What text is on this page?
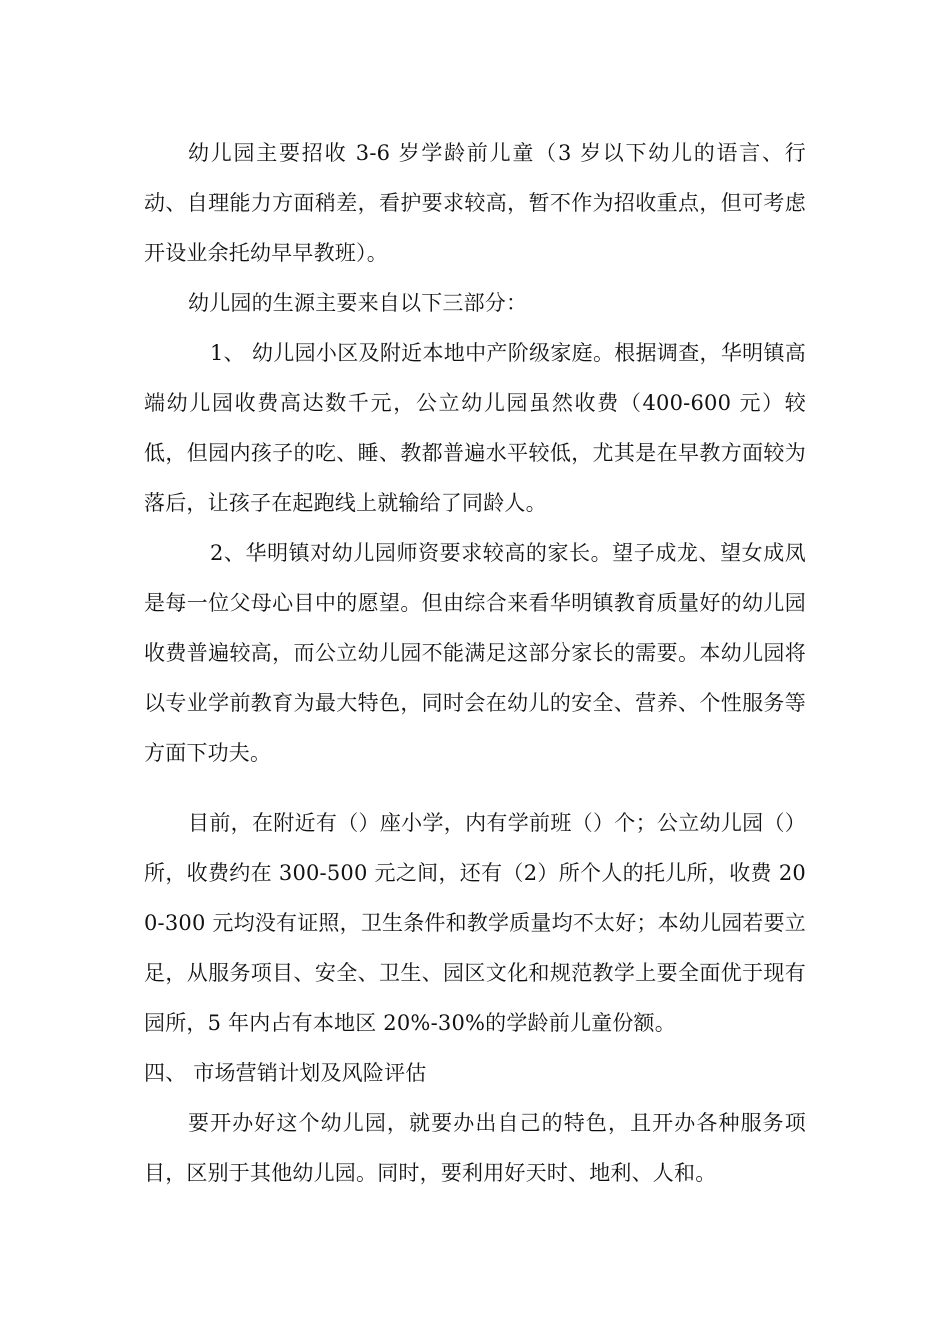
幼儿园主要招收 3-6 岁学龄前儿童（3 岁以下幼儿的语言、行动、自理能力方面稍差，看护要求较高，暂不作为招收重点，但可考虑开设业余托幼早早教班）。

幼儿园的生源主要来自以下三部分：

1、 幼儿园小区及附近本地中产阶级家庭。根据调查，华明镇高端幼儿园收费高达数千元，公立幼儿园虽然收费（400-600 元）较低，但园内孩子的吃、睡、教都普遍水平较低，尤其是在早教方面较为落后，让孩子在起跑线上就输给了同龄人。

2、华明镇对幼儿园师资要求较高的家长。望子成龙、望女成凤是每一位父母心目中的愿望。但由综合来看华明镇教育质量好的幼儿园收费普遍较高，而公立幼儿园不能满足这部分家长的需要。本幼儿园将以专业学前教育为最大特色，同时会在幼儿的安全、营养、个性服务等方面下功夫。

目前，在附近有（）座小学，内有学前班（）个；公立幼儿园（）所，收费约在 300-500 元之间，还有（2）所个人的托儿所，收费 200-300 元均没有证照，卫生条件和教学质量均不太好；本幼儿园若要立足，从服务项目、安全、卫生、园区文化和规范教学上要全面优于现有园所，5 年内占有本地区 20%-30%的学龄前儿童份额。

四、 市场营销计划及风险评估

要开办好这个幼儿园，就要办出自己的特色，且开办各种服务项目，区别于其他幼儿园。同时，要利用好天时、地利、人和。
